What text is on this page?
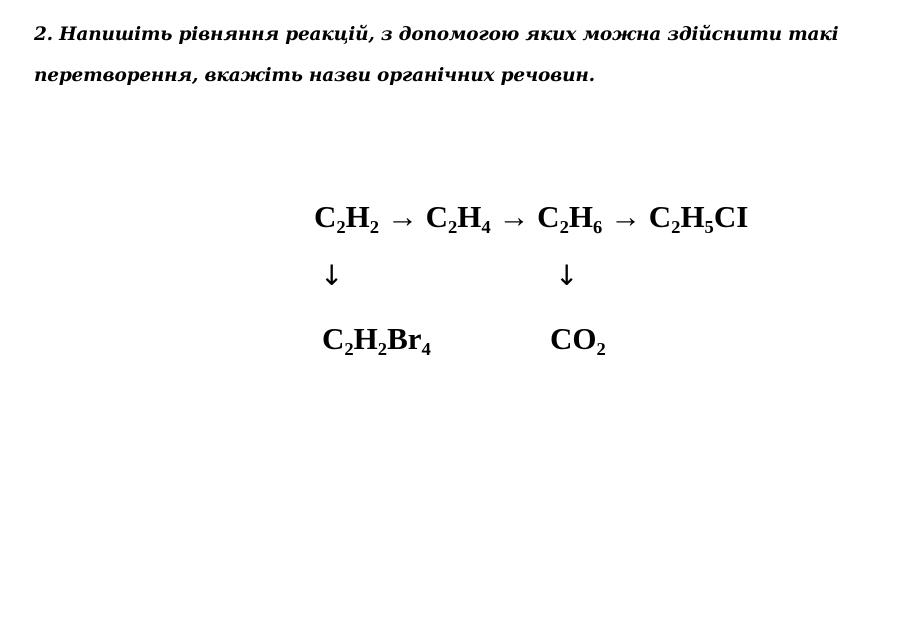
2. Напишіть рівняння реакцій, з допомогою яких можна здійснити такі
перетворення, вкажіть назви органічних речовин.
C₂H₂ → C₂H₄ → C₂H₆ → C₂H₅CI
↓	↓
C₂H₂Br₄	CO₂
